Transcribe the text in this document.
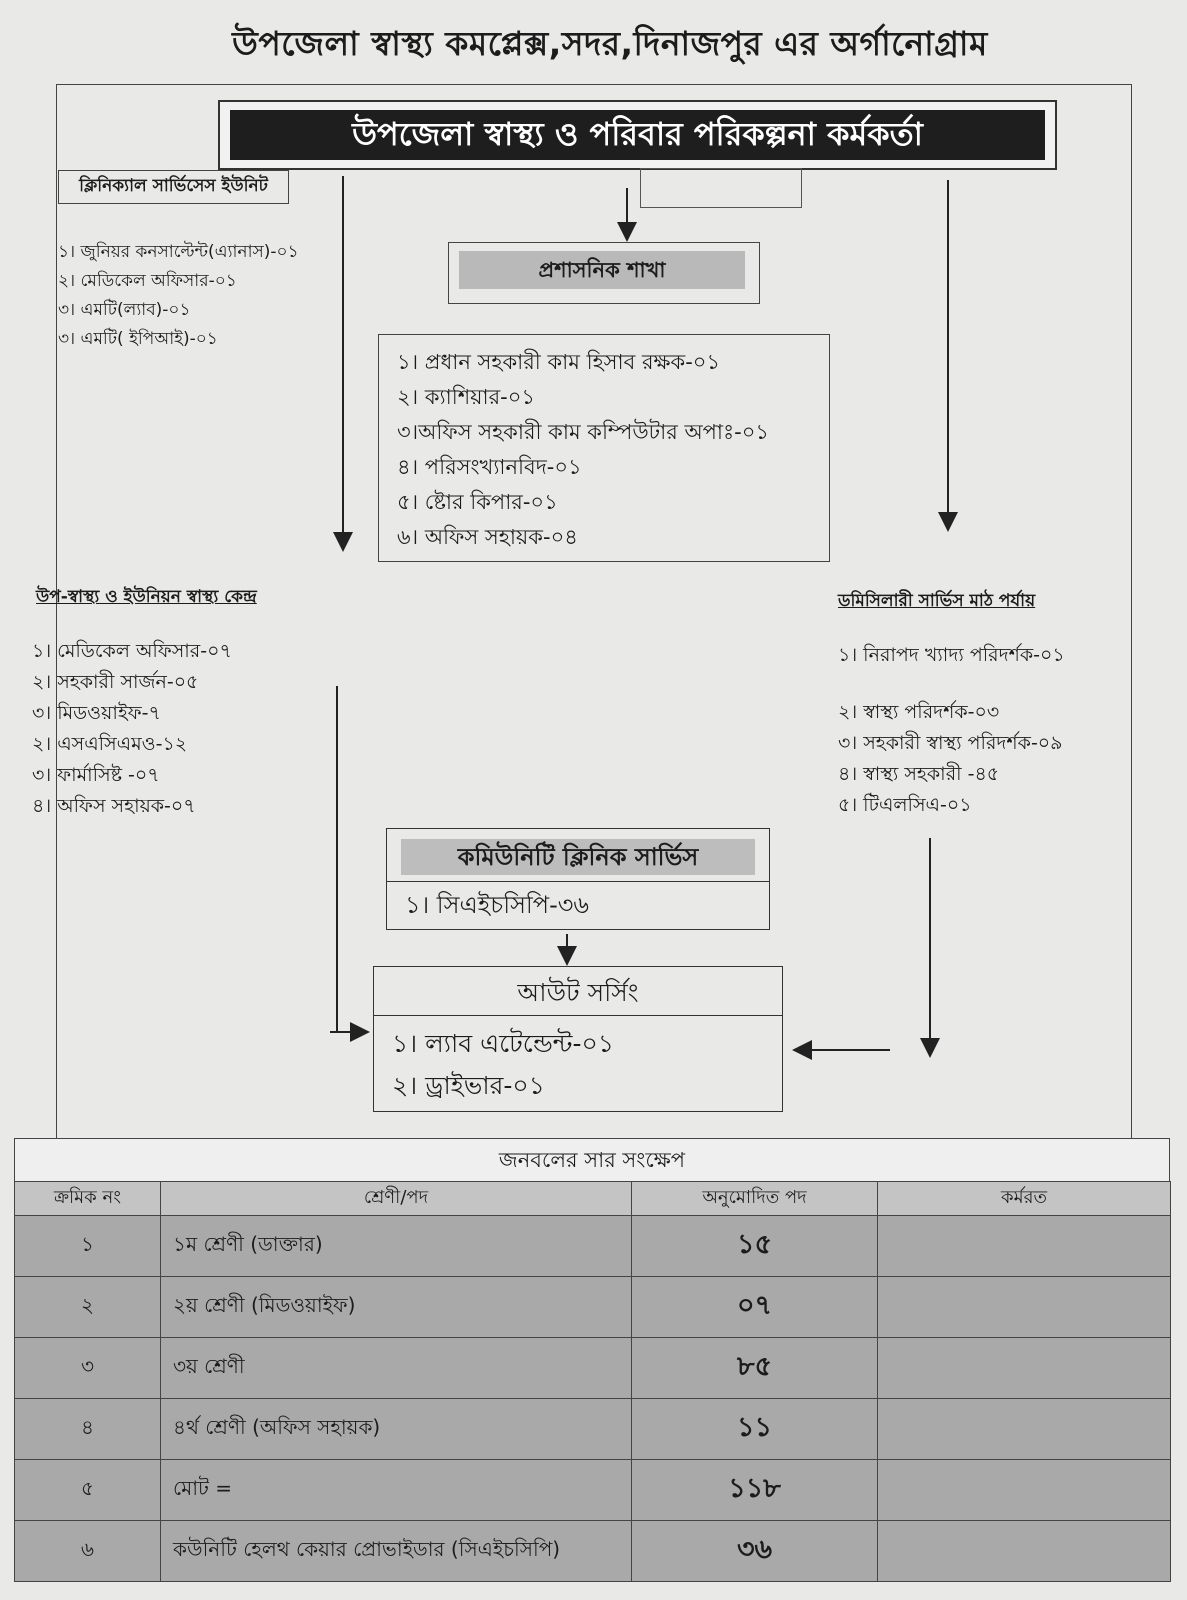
উপজেলা স্বাস্থ্য কমপ্লেক্স,সদর,দিনাজপুর এর অর্গানোগ্রাম
উপজেলা স্বাস্থ্য ও পরিবার পরিকল্পনা কর্মকর্তা
ক্লিনিক্যাল সার্ভিসেস ইউনিট
১। জুনিয়র কনসাল্টেন্ট(এ্যানাস)-০১
২। মেডিকেল অফিসার-০১
৩। এমটি(ল্যাব)-০১
৩। এমটি( ইপিআই)-০১
প্রশাসনিক শাখা
১। প্রধান সহকারী কাম হিসাব রক্ষক-০১
২। ক্যাশিয়ার-০১
৩।অফিস সহকারী কাম কম্পিউটার অপাঃ-০১
৪। পরিসংখ্যানবিদ-০১
৫। ষ্টোর কিপার-০১
৬। অফিস সহায়ক-০৪
উপ-স্বাস্থ্য ও ইউনিয়ন স্বাস্থ্য কেন্দ্র
১। মেডিকেল অফিসার-০৭
২। সহকারী সার্জন-০৫
৩। মিডওয়াইফ-৭
২। এসএসিএমও-১২
৩। ফার্মাসিষ্ট -০৭
৪। অফিস সহায়ক-০৭
ডমিসিলারী সার্ভিস মাঠ পর্যায়
১। নিরাপদ খ্যাদ্য পরিদর্শক-০১
২। স্বাস্থ্য পরিদর্শক-০৩
৩। সহকারী স্বাস্থ্য পরিদর্শক-০৯
৪। স্বাস্থ্য সহকারী -৪৫
৫। টিএলসিএ-০১
কমিউনিটি ক্লিনিক সার্ভিস
১। সিএইচসিপি-৩৬
আউট সর্সিং
১। ল্যাব এটেন্ডেন্ট-০১
২। ড্রাইভার-০১
জনবলের সার সংক্ষেপ
ক্রমিক নং	শ্রেণী/পদ	অনুমোদিত পদ	কর্মরত
১	১ম শ্রেণী (ডাক্তার)	১৫	
২	২য় শ্রেণী (মিডওয়াইফ)	০৭	
৩	৩য় শ্রেণী	৮৫	
৪	৪র্থ শ্রেণী (অফিস সহায়ক)	১১	
৫	মোট =	১১৮	
৬	কউনিটি হেলথ কেয়ার প্রোভাইডার (সিএইচসিপি)	৩৬	
